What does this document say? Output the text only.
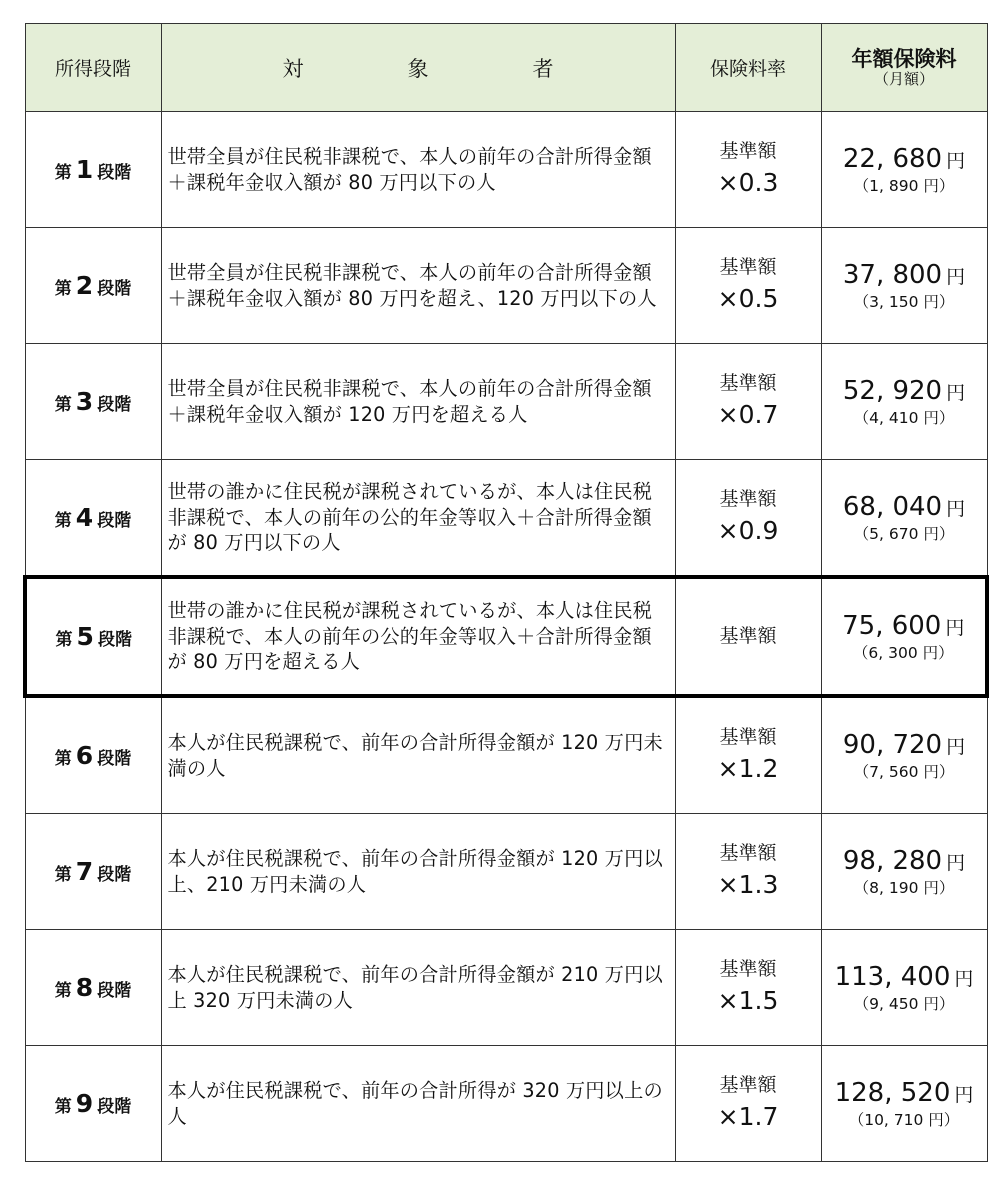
所得段階	対 象 者	保険料率	年額保険料
（月額）

第 1 段階	世帯全員が住民税非課税で、本人の前年の合計所得金額＋課税年金収入額が 80 万円以下の人	基準額
×0.3	22, 680 円
（1, 890 円）

第 2 段階	世帯全員が住民税非課税で、本人の前年の合計所得金額＋課税年金収入額が 80 万円を超え、120 万円以下の人	基準額
×0.5	37, 800 円
（3, 150 円）

第 3 段階	世帯全員が住民税非課税で、本人の前年の合計所得金額＋課税年金収入額が 120 万円を超える人	基準額
×0.7	52, 920 円
（4, 410 円）

第 4 段階	世帯の誰かに住民税が課税されているが、本人は住民税非課税で、本人の前年の公的年金等収入＋合計所得金額が 80 万円以下の人	基準額
×0.9	68, 040 円
（5, 670 円）

第 5 段階	世帯の誰かに住民税が課税されているが、本人は住民税非課税で、本人の前年の公的年金等収入＋合計所得金額が 80 万円を超える人	基準額	75, 600 円
（6, 300 円）

第 6 段階	本人が住民税課税で、前年の合計所得金額が 120 万円未満の人	基準額
×1.2	90, 720 円
（7, 560 円）

第 7 段階	本人が住民税課税で、前年の合計所得金額が 120 万円以上、210 万円未満の人	基準額
×1.3	98, 280 円
（8, 190 円）

第 8 段階	本人が住民税課税で、前年の合計所得金額が 210 万円以上 320 万円未満の人	基準額
×1.5	113, 400 円
（9, 450 円）

第 9 段階	本人が住民税課税で、前年の合計所得が 320 万円以上の人	基準額
×1.7	128, 520 円
（10, 710 円）
